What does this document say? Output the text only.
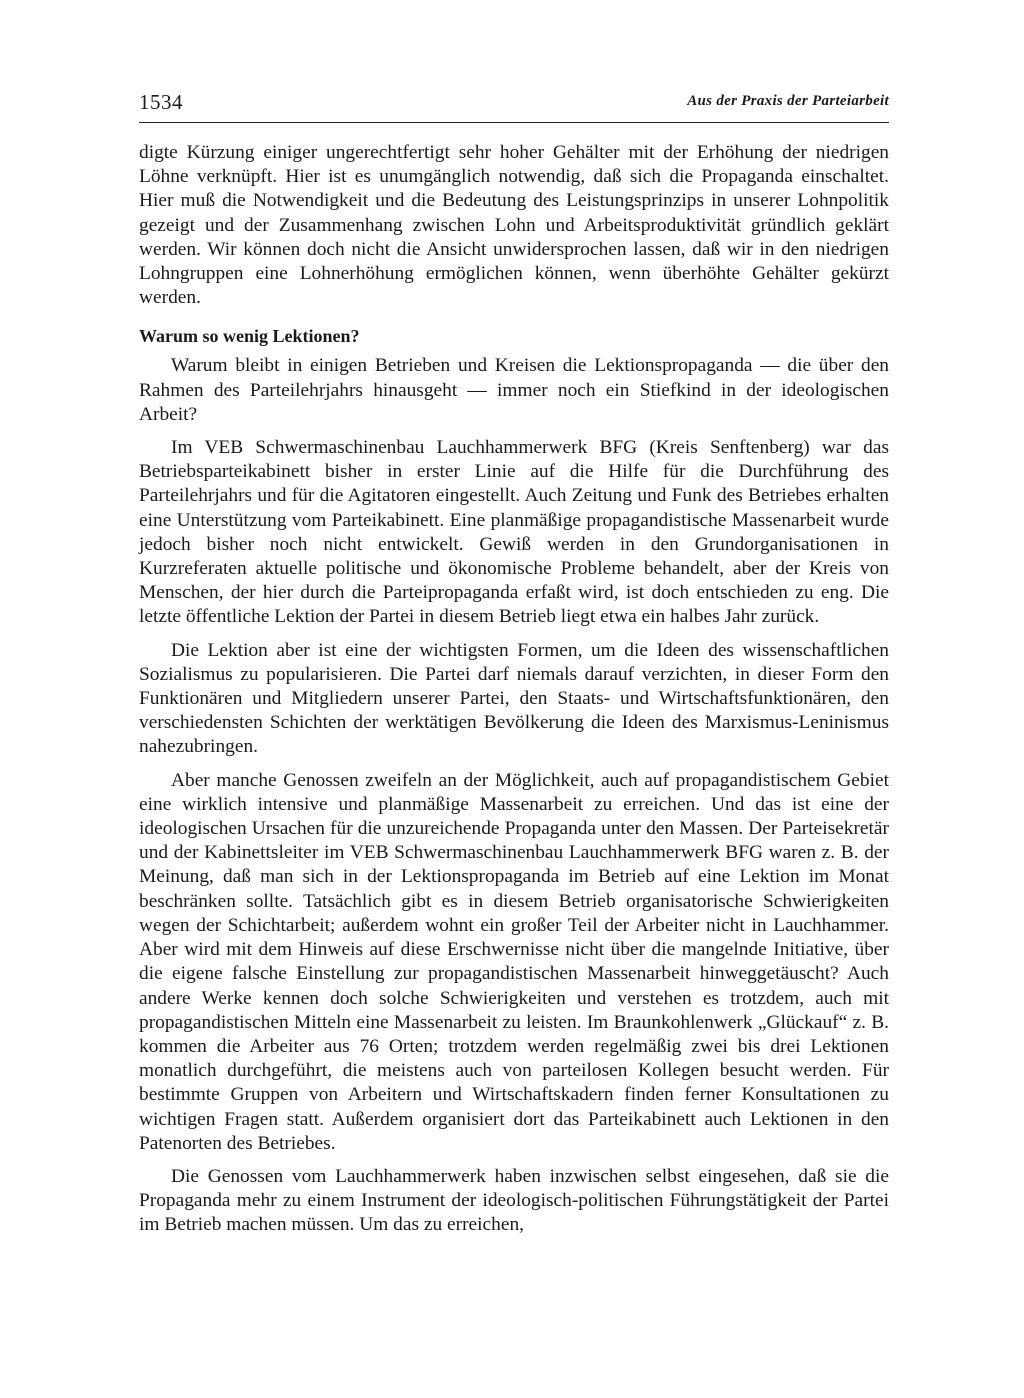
1534	Aus der Praxis der Parteiarbeit

digte Kürzung einiger ungerechtfertigt sehr hoher Gehälter mit der Erhöhung der niedrigen Löhne verknüpft. Hier ist es unumgänglich notwendig, daß sich die Propaganda einschaltet. Hier muß die Notwendigkeit und die Bedeutung des Leistungsprinzips in unserer Lohnpolitik gezeigt und der Zusammenhang zwischen Lohn und Arbeitsproduktivität gründlich geklärt werden. Wir können doch nicht die Ansicht unwidersprochen lassen, daß wir in den niedrigen Lohngruppen eine Lohnerhöhung ermöglichen können, wenn überhöhte Gehälter gekürzt werden.

Warum so wenig Lektionen?

Warum bleibt in einigen Betrieben und Kreisen die Lektionspropaganda — die über den Rahmen des Parteilehrjahrs hinausgeht — immer noch ein Stiefkind in der ideologischen Arbeit?

Im VEB Schwermaschinenbau Lauchhammerwerk BFG (Kreis Senftenberg) war das Betriebsparteikabinett bisher in erster Linie auf die Hilfe für die Durchführung des Parteilehrjahrs und für die Agitatoren eingestellt. Auch Zeitung und Funk des Betriebes erhalten eine Unterstützung vom Parteikabinett. Eine planmäßige propagandistische Massenarbeit wurde jedoch bisher noch nicht entwickelt. Gewiß werden in den Grundorganisationen in Kurzreferaten aktuelle politische und ökonomische Probleme behandelt, aber der Kreis von Menschen, der hier durch die Parteipropaganda erfaßt wird, ist doch entschieden zu eng. Die letzte öffentliche Lektion der Partei in diesem Betrieb liegt etwa ein halbes Jahr zurück.

Die Lektion aber ist eine der wichtigsten Formen, um die Ideen des wissenschaftlichen Sozialismus zu popularisieren. Die Partei darf niemals darauf verzichten, in dieser Form den Funktionären und Mitgliedern unserer Partei, den Staats- und Wirtschaftsfunktionären, den verschiedensten Schichten der werktätigen Bevölkerung die Ideen des Marxismus-Leninismus nahezubringen.

Aber manche Genossen zweifeln an der Möglichkeit, auch auf propagandistischem Gebiet eine wirklich intensive und planmäßige Massenarbeit zu erreichen. Und das ist eine der ideologischen Ursachen für die unzureichende Propaganda unter den Massen. Der Parteisekretär und der Kabinettsleiter im VEB Schwermaschinenbau Lauchhammerwerk BFG waren z. B. der Meinung, daß man sich in der Lektionspropaganda im Betrieb auf eine Lektion im Monat beschränken sollte. Tatsächlich gibt es in diesem Betrieb organisatorische Schwierigkeiten wegen der Schichtarbeit; außerdem wohnt ein großer Teil der Arbeiter nicht in Lauchhammer. Aber wird mit dem Hinweis auf diese Erschwernisse nicht über die mangelnde Initiative, über die eigene falsche Einstellung zur propagandistischen Massenarbeit hinweggetäuscht? Auch andere Werke kennen doch solche Schwierigkeiten und verstehen es trotzdem, auch mit propagandistischen Mitteln eine Massenarbeit zu leisten. Im Braunkohlenwerk „Glückauf“ z. B. kommen die Arbeiter aus 76 Orten; trotzdem werden regelmäßig zwei bis drei Lektionen monatlich durchgeführt, die meistens auch von parteilosen Kollegen besucht werden. Für bestimmte Gruppen von Arbeitern und Wirtschaftskadern finden ferner Konsultationen zu wichtigen Fragen statt. Außerdem organisiert dort das Parteikabinett auch Lektionen in den Patenorten des Betriebes.

Die Genossen vom Lauchhammerwerk haben inzwischen selbst eingesehen, daß sie die Propaganda mehr zu einem Instrument der ideologisch-politischen Führungstätigkeit der Partei im Betrieb machen müssen. Um das zu erreichen,
